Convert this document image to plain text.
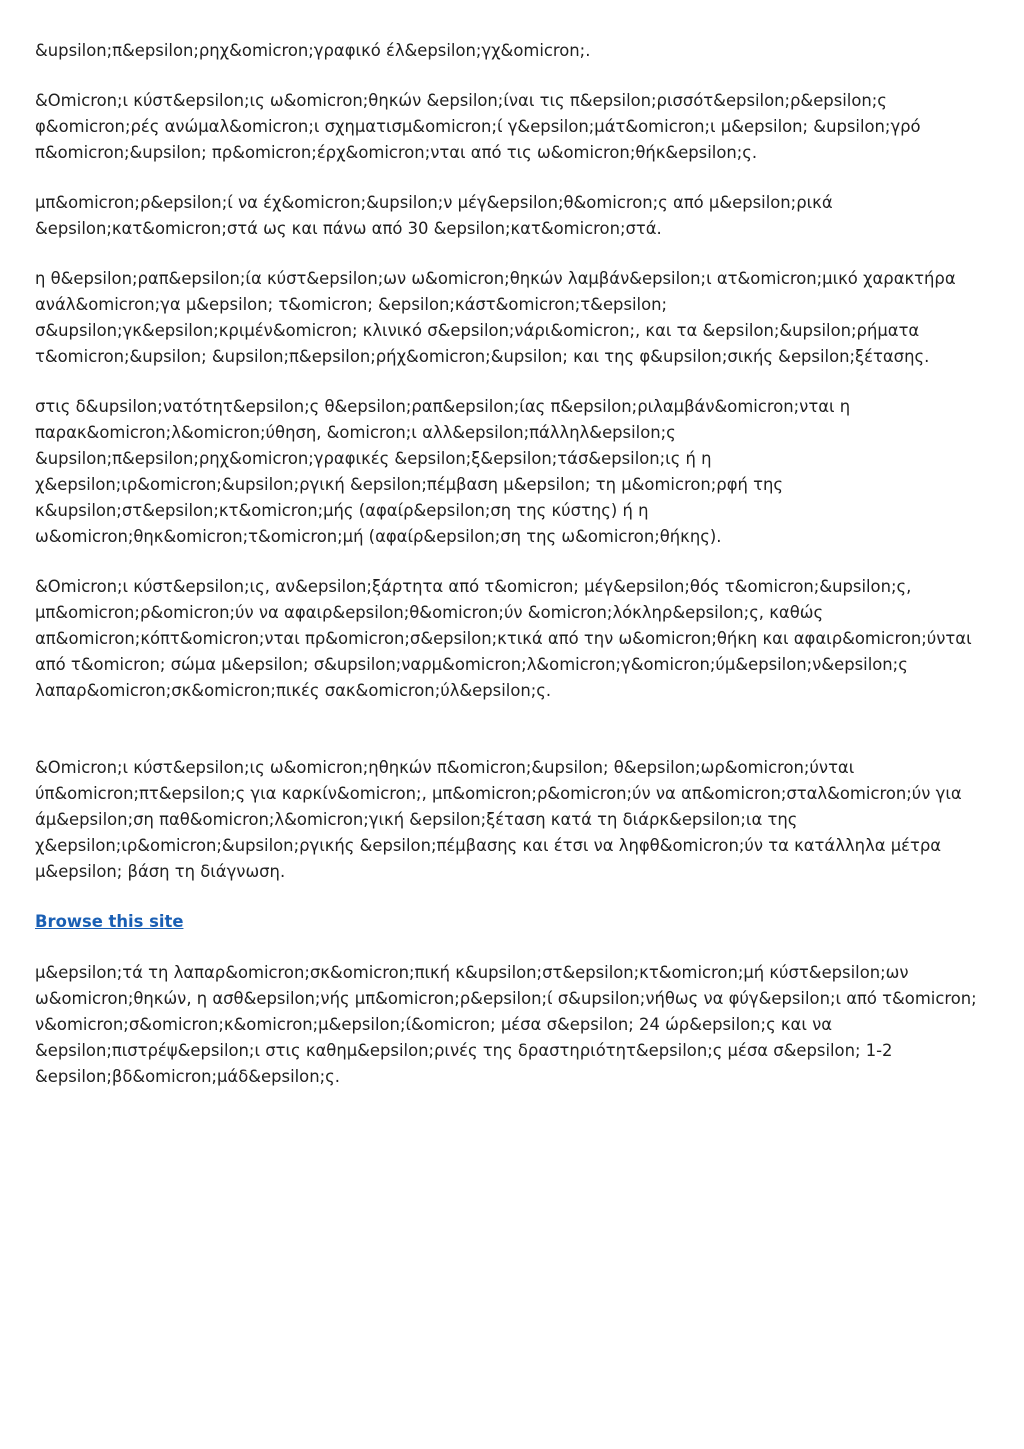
&upsilon;π&epsilon;ρηχ&omicron;γραφικό έλ&epsilon;γχ&omicron;.

&Omicron;ι κύστ&epsilon;ις ω&omicron;θηκών &epsilon;ίναι τις π&epsilon;ρισσότ&epsilon;ρ&epsilon;ς φ&omicron;ρές ανώμαλ&omicron;ι σχηματισμ&omicron;ί γ&epsilon;μάτ&omicron;ι μ&epsilon; &upsilon;γρό π&omicron;&upsilon; πρ&omicron;έρχ&omicron;νται από τις ω&omicron;θήκ&epsilon;ς.

μπ&omicron;ρ&epsilon;ί να έχ&omicron;&upsilon;ν μέγ&epsilon;θ&omicron;ς από μ&epsilon;ρικά &epsilon;κατ&omicron;στά ως και πάνω από 30 &epsilon;κατ&omicron;στά.

η θ&epsilon;ραπ&epsilon;ία κύστ&epsilon;ων ω&omicron;θηκών λαμβάν&epsilon;ι ατ&omicron;μικό χαρακτήρα ανάλ&omicron;γα μ&epsilon; τ&omicron; &epsilon;κάστ&omicron;τ&epsilon; σ&upsilon;γκ&epsilon;κριμέν&omicron; κλινικό σ&epsilon;νάρι&omicron;, και τα &epsilon;&upsilon;ρήματα τ&omicron;&upsilon; &upsilon;π&epsilon;ρήχ&omicron;&upsilon; και της φ&upsilon;σικής &epsilon;ξέτασης.

στις δ&upsilon;νατότητ&epsilon;ς θ&epsilon;ραπ&epsilon;ίας π&epsilon;ριλαμβάν&omicron;νται η παρακ&omicron;λ&omicron;ύθηση, &omicron;ι αλλ&epsilon;πάλληλ&epsilon;ς &upsilon;π&epsilon;ρηχ&omicron;γραφικές &epsilon;ξ&epsilon;τάσ&epsilon;ις ή η χ&epsilon;ιρ&omicron;&upsilon;ργική &epsilon;πέμβαση μ&epsilon; τη μ&omicron;ρφή της κ&upsilon;στ&epsilon;κτ&omicron;μής (αφαίρ&epsilon;ση της κύστης) ή η ω&omicron;θηκ&omicron;τ&omicron;μή (αφαίρ&epsilon;ση της ω&omicron;θήκης).

&Omicron;ι κύστ&epsilon;ις, αν&epsilon;ξάρτητα από τ&omicron; μέγ&epsilon;θός τ&omicron;&upsilon;ς, μπ&omicron;ρ&omicron;ύν να αφαιρ&epsilon;θ&omicron;ύν &omicron;λόκληρ&epsilon;ς, καθώς απ&omicron;κόπτ&omicron;νται πρ&omicron;σ&epsilon;κτικά από την ω&omicron;θήκη και αφαιρ&omicron;ύνται από τ&omicron; σώμα μ&epsilon; σ&upsilon;ναρμ&omicron;λ&omicron;γ&omicron;ύμ&epsilon;ν&epsilon;ς λαπαρ&omicron;σκ&omicron;πικές σακ&omicron;ύλ&epsilon;ς.

&Omicron;ι κύστ&epsilon;ις ω&omicron;ηθηκών π&omicron;&upsilon; θ&epsilon;ωρ&omicron;ύνται ύπ&omicron;πτ&epsilon;ς για καρκίν&omicron;, μπ&omicron;ρ&omicron;ύν να απ&omicron;σταλ&omicron;ύν για άμ&epsilon;ση παθ&omicron;λ&omicron;γική &epsilon;ξέταση κατά τη διάρκ&epsilon;ια της χ&epsilon;ιρ&omicron;&upsilon;ργικής &epsilon;πέμβασης και έτσι να ληφθ&omicron;ύν τα κατάλληλα μέτρα μ&epsilon; βάση τη διάγνωση.

Browse this site

μ&epsilon;τά τη λαπαρ&omicron;σκ&omicron;πική κ&upsilon;στ&epsilon;κτ&omicron;μή κύστ&epsilon;ων ω&omicron;θηκών, η ασθ&epsilon;νής μπ&omicron;ρ&epsilon;ί σ&upsilon;νήθως να φύγ&epsilon;ι από τ&omicron; ν&omicron;σ&omicron;κ&omicron;μ&epsilon;ί&omicron; μέσα σ&epsilon; 24 ώρ&epsilon;ς και να &epsilon;πιστρέψ&epsilon;ι στις καθημ&epsilon;ρινές της δραστηριότητ&epsilon;ς μέσα σ&epsilon; 1-2 &epsilon;βδ&omicron;μάδ&epsilon;ς.
